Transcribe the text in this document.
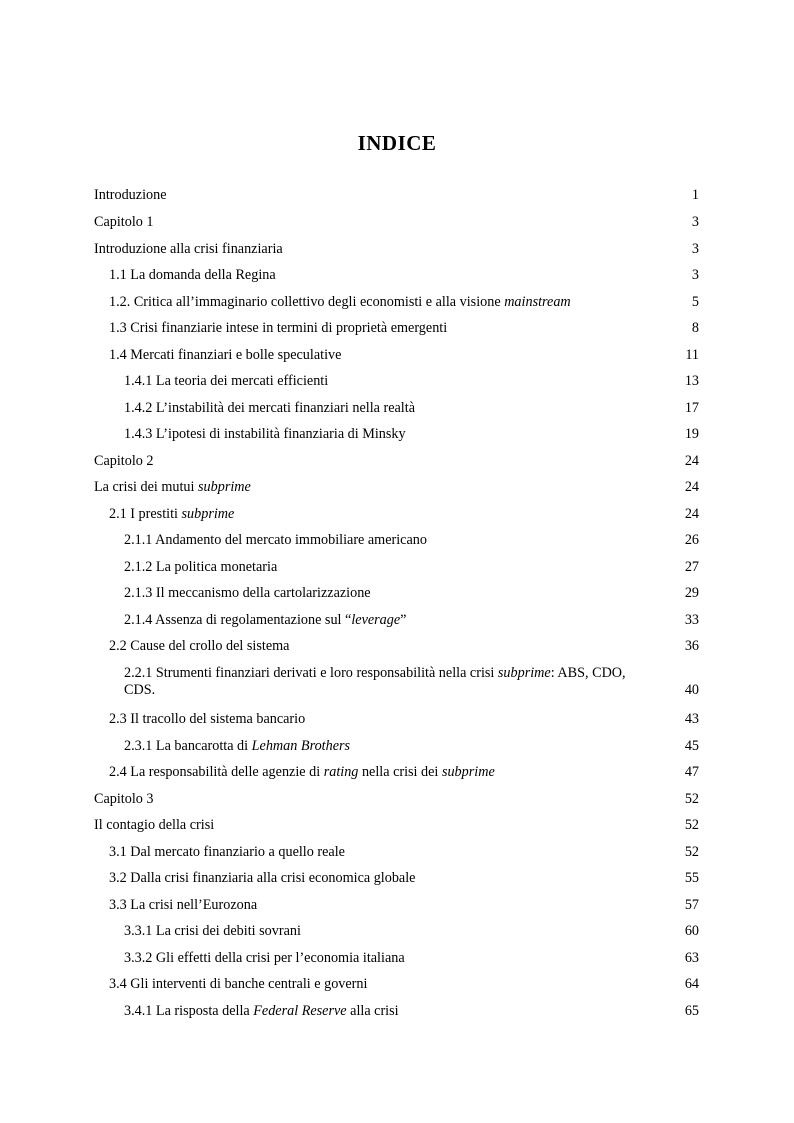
INDICE
Introduzione	1
Capitolo 1	3
Introduzione alla crisi finanziaria	3
1.1 La domanda della Regina	3
1.2. Critica all’immaginario collettivo degli economisti e alla visione mainstream	5
1.3 Crisi finanziarie intese in termini di proprietà emergenti	8
1.4 Mercati finanziari e bolle speculative	11
1.4.1 La teoria dei mercati efficienti	13
1.4.2 L’instabilità dei mercati finanziari nella realtà	17
1.4.3 L’ipotesi di instabilità finanziaria di Minsky	19
Capitolo 2	24
La crisi dei mutui subprime	24
2.1 I prestiti subprime	24
2.1.1 Andamento del mercato immobiliare americano	26
2.1.2 La politica monetaria	27
2.1.3 Il meccanismo della cartolarizzazione	29
2.1.4 Assenza di regolamentazione sul “leverage”	33
2.2 Cause del crollo del sistema	36
2.2.1 Strumenti finanziari derivati e loro responsabilità nella crisi subprime: ABS, CDO, CDS.	40
2.3 Il tracollo del sistema bancario	43
2.3.1 La bancarotta di Lehman Brothers	45
2.4 La responsabilità delle agenzie di rating nella crisi dei subprime	47
Capitolo 3	52
Il contagio della crisi	52
3.1 Dal mercato finanziario a quello reale	52
3.2 Dalla crisi finanziaria alla crisi economica globale	55
3.3 La crisi nell’Eurozona	57
3.3.1 La crisi dei debiti sovrani	60
3.3.2 Gli effetti della crisi per l’economia italiana	63
3.4 Gli interventi di banche centrali e governi	64
3.4.1 La risposta della Federal Reserve alla crisi	65
